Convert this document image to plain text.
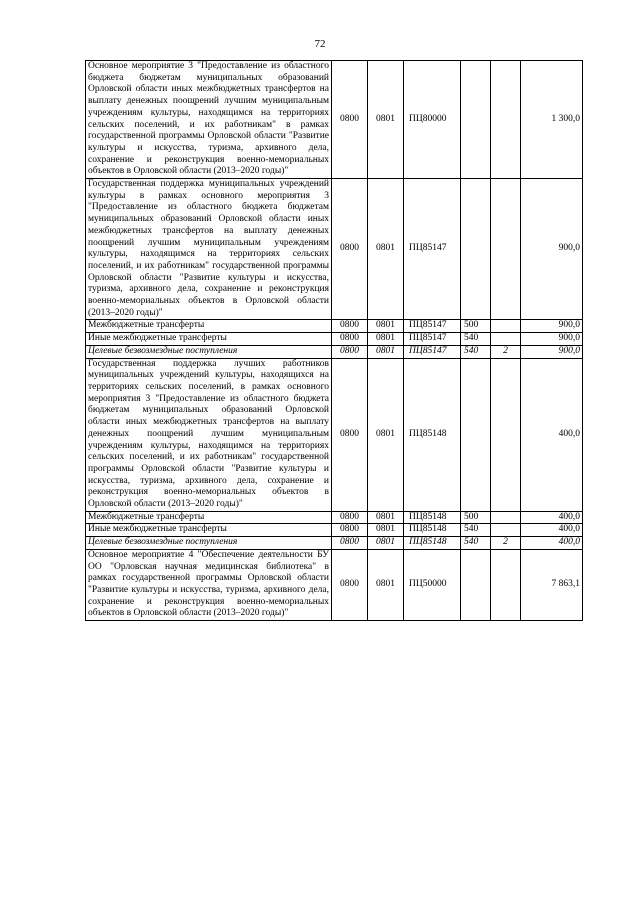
72
Основное мероприятие 3 "Предоставление из областного бюджета бюджетам муниципальных образований Орловской области иных межбюджетных трансфертов на выплату денежных поощрений лучшим муниципальным учреждениям культуры, находящимся на территориях сельских поселений, и их работникам" в рамках государственной программы Орловской области "Развитие культуры и искусства, туризма, архивного дела, сохранение и реконструкция военно-мемориальных объектов в Орловской области (2013–2020 годы)"	0800	0801	ПЦ80000			1 300,0
Государственная поддержка муниципальных учреждений культуры в рамках основного мероприятия 3 "Предоставление из областного бюджета бюджетам муниципальных образований Орловской области иных межбюджетных трансфертов на выплату денежных поощрений лучшим муниципальным учреждениям культуры, находящимся на территориях сельских поселений, и их работникам" государственной программы Орловской области "Развитие культуры и искусства, туризма, архивного дела, сохранение и реконструкция военно-мемориальных объектов в Орловской области (2013–2020 годы)"	0800	0801	ПЦ85147			900,0
Межбюджетные трансферты	0800	0801	ПЦ85147	500		900,0
Иные межбюджетные трансферты	0800	0801	ПЦ85147	540		900,0
Целевые безвозмездные поступления	0800	0801	ПЦ85147	540	2	900,0
Государственная поддержка лучших работников муниципальных учреждений культуры, находящихся на территориях сельских поселений, в рамках основного мероприятия 3 "Предоставление из областного бюджета бюджетам муниципальных образований Орловской области иных межбюджетных трансфертов на выплату денежных поощрений лучшим муниципальным учреждениям культуры, находящимся на территориях сельских поселений, и их работникам" государственной программы Орловской области "Развитие культуры и искусства, туризма, архивного дела, сохранение и реконструкция военно-мемориальных объектов в Орловской области (2013–2020 годы)"	0800	0801	ПЦ85148			400,0
Межбюджетные трансферты	0800	0801	ПЦ85148	500		400,0
Иные межбюджетные трансферты	0800	0801	ПЦ85148	540		400,0
Целевые безвозмездные поступления	0800	0801	ПЦ85148	540	2	400,0
Основное мероприятие 4 "Обеспечение деятельности БУ ОО "Орловская научная медицинская библиотека" в рамках государственной программы Орловской области "Развитие культуры и искусства, туризма, архивного дела, сохранение и реконструкция военно-мемориальных объектов в Орловской области (2013–2020 годы)"	0800	0801	ПЦ50000			7 863,1
